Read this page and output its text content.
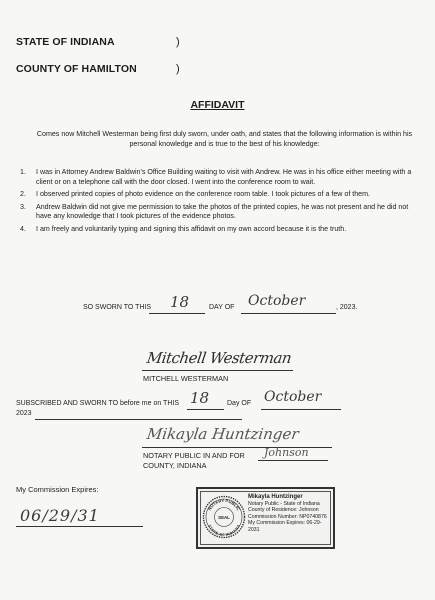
STATE OF INDIANA	)
COUNTY OF HAMILTON	)
AFFIDAVIT
Comes now Mitchell Westerman being first duly sworn, under oath, and states that the following information is within his personal knowledge and is true to the best of his knowledge:
1. I was in Attorney Andrew Baldwin's Office Building waiting to visit with Andrew. He was in his office either meeting with a client or on a telephone call with the door closed. I went into the conference room to wait.
2. I observed printed copies of photo evidence on the conference room table. I took pictures of a few of them.
3. Andrew Baldwin did not give me permission to take the photos of the printed copies, he was not present and he did not have any knowledge that I took pictures of the evidence photos.
4. I am freely and voluntarily typing and signing this affidavit on my own accord because it is the truth.
SO SWORN TO THIS 18	DAY OF October	, 2023.
Mitchell Westerman
MITCHELL WESTERMAN
SUBSCRIBED AND SWORN TO before me on THIS 18	Day OF October
2023
Mikayla Huntzinger
NOTARY PUBLIC IN AND FOR Johnson
COUNTY, INDIANA
My Commission Expires:
06/29/31	NOTARY PUBLIC
STATE OF INDIANA
SEAL
Mikayla Huntzinger
Notary Public - State of Indiana
County of Residence: Johnson
Commission Number: NP0740876
My Commission Expires: 06-29-2031
